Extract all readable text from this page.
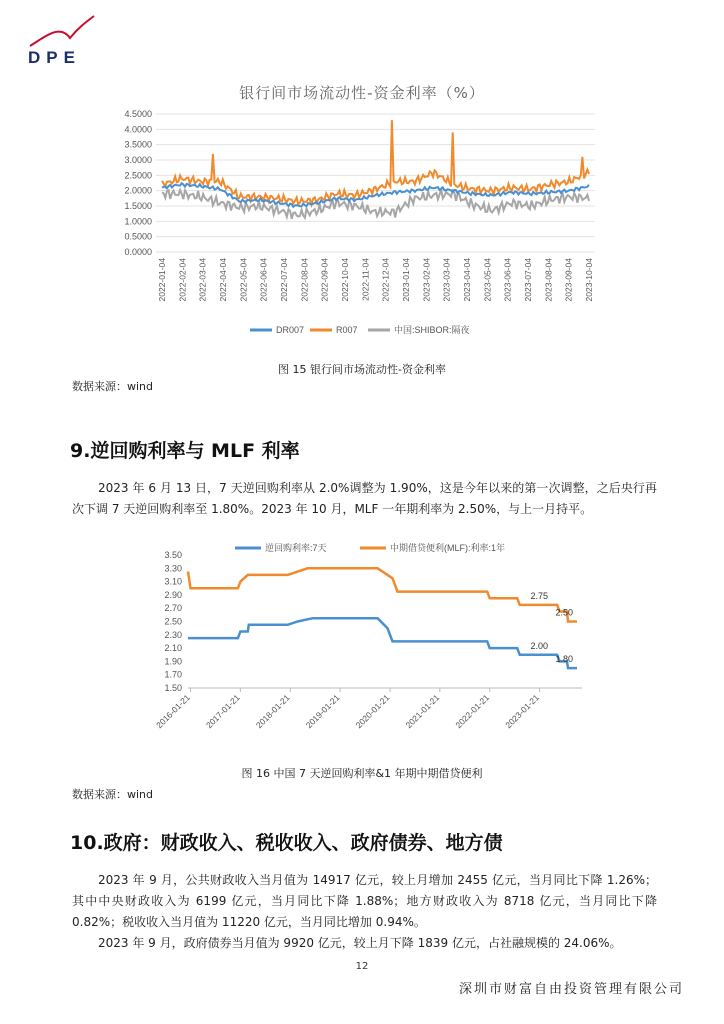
DPE
银行间市场流动性-资金利率（%）
0.0000
0.5000
1.0000
1.5000
2.0000
2.5000
3.0000
3.5000
4.0000
4.5000
2022-01-04 2022-02-04 2022-03-04 2022-04-04 2022-05-04 2022-06-04 2022-07-04 2022-08-04 2022-09-04 2022-10-04 2022-11-04 2022-12-04 2023-01-04 2023-02-04 2023-03-04 2023-04-04 2023-05-04 2023-06-04 2023-07-04 2023-08-04 2023-09-04 2023-10-04
DR007	R007	中国:SHIBOR:隔夜
图 15 银行间市场流动性-资金利率
数据来源：wind
9.逆回购利率与 MLF 利率
2023 年 6 月 13 日，7 天逆回购利率从 2.0%调整为 1.90%，这是今年以来的第一次调整，之后央行再次下调 7 天逆回购利率至 1.80%。2023 年 10 月，MLF 一年期利率为 2.50%，与上一月持平。
1.50
1.70
1.90
2.10
2.30
2.50
2.70
2.90
3.10
3.30
3.50
2016-01-21 2017-01-21 2018-01-21 2019-01-21 2020-01-21 2021-01-21 2022-01-21 2023-01-21
2.75
2.50
2.00
1.80
逆回购利率:7天	中期借贷便利(MLF):利率:1年
图 16 中国 7 天逆回购利率&1 年期中期借贷便利
数据来源：wind
10.政府：财政收入、税收收入、政府债券、地方债
2023 年 9 月，公共财政收入当月值为 14917 亿元，较上月增加 2455 亿元，当月同比下降 1.26%；其中中央财政收入为 6199 亿元，当月同比下降 1.88%；地方财政收入为 8718 亿元，当月同比下降 0.82%；税收收入当月值为 11220 亿元，当月同比增加 0.94%。
2023 年 9 月，政府债券当月值为 9920 亿元，较上月下降 1839 亿元，占社融规模的 24.06%。
12
深圳市财富自由投资管理有限公司
